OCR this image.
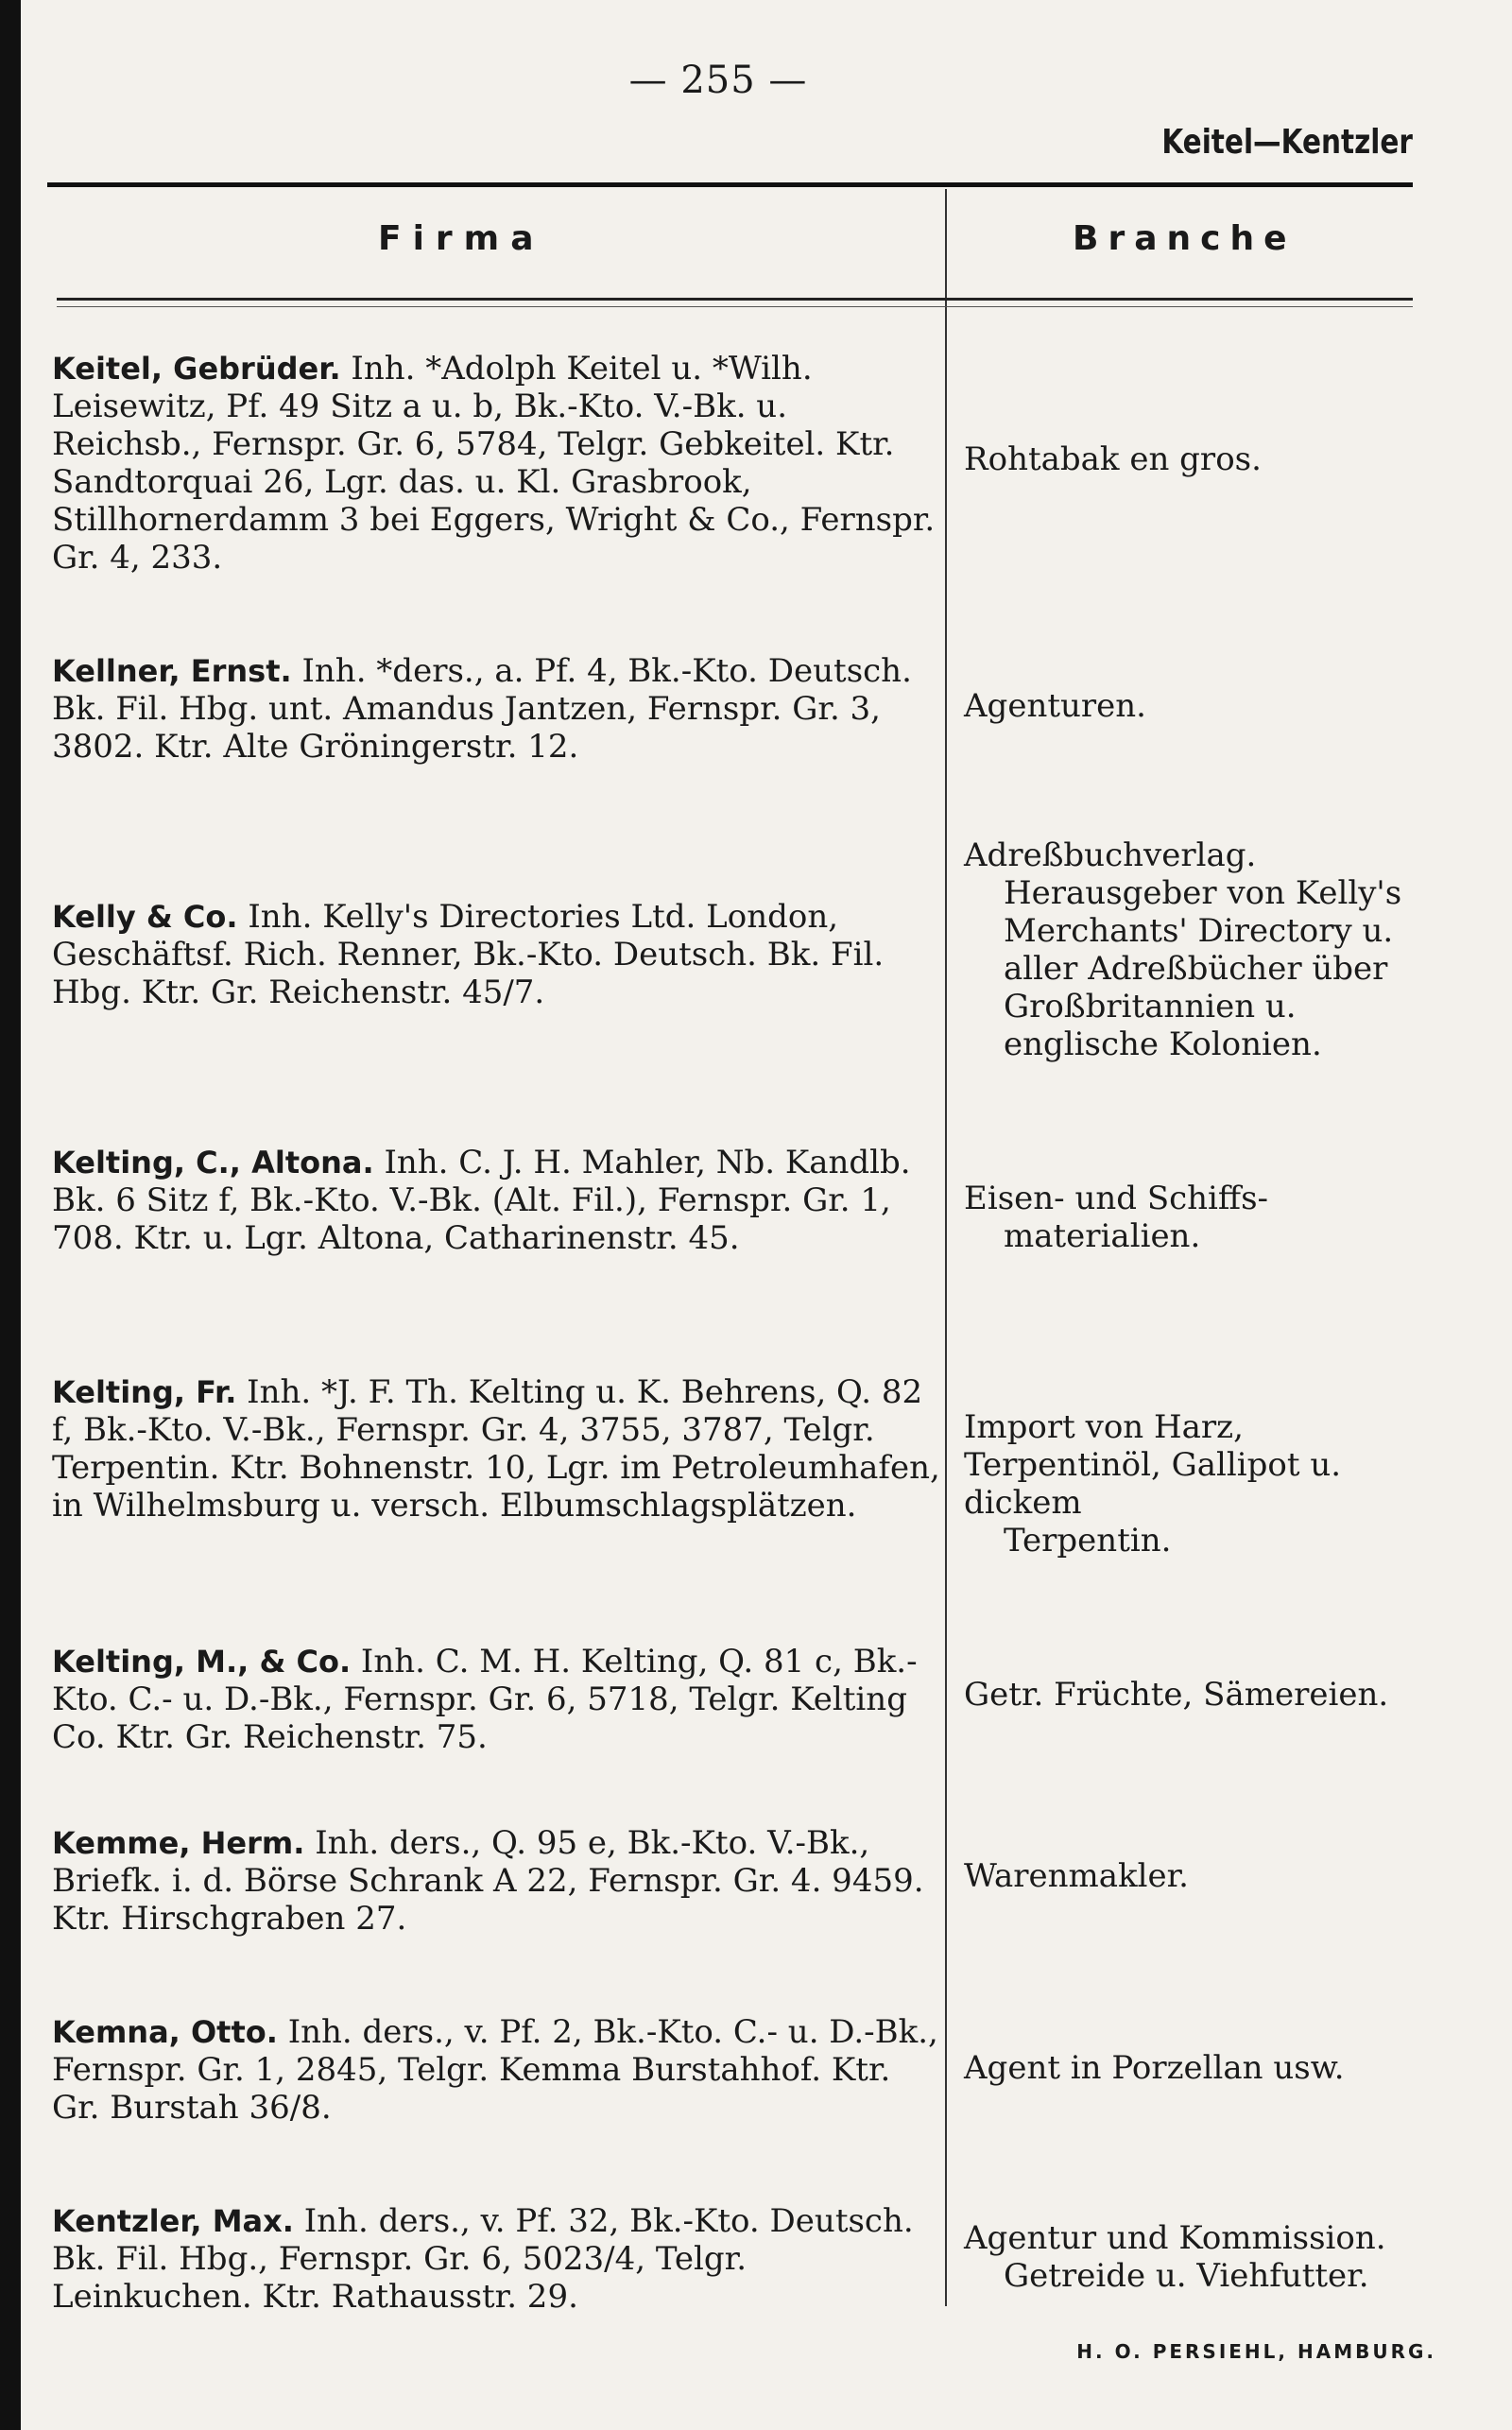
— 255 —
Keitel—Kentzler
Firma	Branche
Keitel, Gebrüder. Inh. *Adolph Keitel u. *Wilh. Leisewitz, Pf. 49 Sitz a u. b, Bk.-Kto. V.-Bk. u. Reichsb., Fernspr. Gr. 6, 5784, Telgr. Gebkeitel. Ktr. Sandtorquai 26, Lgr. das. u. Kl. Grasbrook, Stillhornerdamm 3 bei Eggers, Wright & Co., Fernspr. Gr. 4, 233.
Rohtabak en gros.
Kellner, Ernst. Inh. *ders., a. Pf. 4, Bk.-Kto. Deutsch. Bk. Fil. Hbg. unt. Amandus Jantzen, Fernspr. Gr. 3, 3802. Ktr. Alte Gröningerstr. 12.
Agenturen.
Kelly & Co. Inh. Kelly's Directories Ltd. London, Geschäftsf. Rich. Renner, Bk.-Kto. Deutsch. Bk. Fil. Hbg. Ktr. Gr. Reichenstr. 45/7.
Adreßbuchverlag.
Herausgeber von Kelly's Merchants' Directory u. aller Adreßbücher über Großbritannien u. englische Kolonien.
Kelting, C., Altona. Inh. C. J. H. Mahler, Nb. Kandlb. Bk. 6 Sitz f, Bk.-Kto. V.-Bk. (Alt. Fil.), Fernspr. Gr. 1, 708. Ktr. u. Lgr. Altona, Catharinenstr. 45.
Eisen- und Schiffs-
materialien.
Kelting, Fr. Inh. *J. F. Th. Kelting u. K. Behrens, Q. 82 f, Bk.-Kto. V.-Bk., Fernspr. Gr. 4, 3755, 3787, Telgr. Terpentin. Ktr. Bohnenstr. 10, Lgr. im Petroleumhafen, in Wilhelmsburg u. versch. Elbumschlagsplätzen.
Import von Harz, Terpentinöl, Gallipot u. dickem
Terpentin.
Kelting, M., & Co. Inh. C. M. H. Kelting, Q. 81 c, Bk.-Kto. C.- u. D.-Bk., Fernspr. Gr. 6, 5718, Telgr. Kelting Co. Ktr. Gr. Reichenstr. 75.
Getr. Früchte, Sämereien.
Kemme, Herm. Inh. ders., Q. 95 e, Bk.-Kto. V.-Bk., Briefk. i. d. Börse Schrank A 22, Fernspr. Gr. 4. 9459. Ktr. Hirschgraben 27.
Warenmakler.
Kemna, Otto. Inh. ders., v. Pf. 2, Bk.-Kto. C.- u. D.-Bk., Fernspr. Gr. 1, 2845, Telgr. Kemma Burstahhof. Ktr. Gr. Burstah 36/8.
Agent in Porzellan usw.
Kentzler, Max. Inh. ders., v. Pf. 32, Bk.-Kto. Deutsch. Bk. Fil. Hbg., Fernspr. Gr. 6, 5023/4, Telgr. Leinkuchen. Ktr. Rathausstr. 29.
Agentur und Kommission.
Getreide u. Viehfutter.
H. O. PERSIEHL, HAMBURG.
